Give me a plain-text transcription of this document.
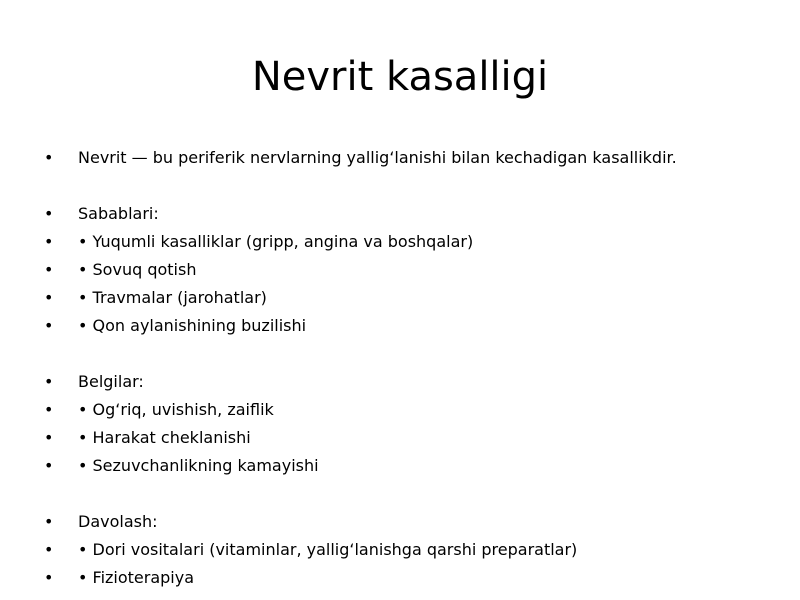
Nevrit kasalligi
•	Nevrit — bu periferik nervlarning yallig‘lanishi bilan kechadigan kasallikdir.
•	Sabablari:
•	• Yuqumli kasalliklar (gripp, angina va boshqalar)
•	• Sovuq qotish
•	• Travmalar (jarohatlar)
•	• Qon aylanishining buzilishi
•	Belgilar:
•	• Og‘riq, uvishish, zaiflik
•	• Harakat cheklanishi
•	• Sezuvchanlikning kamayishi
•	Davolash:
•	• Dori vositalari (vitaminlar, yallig‘lanishga qarshi preparatlar)
•	• Fizioterapiya
